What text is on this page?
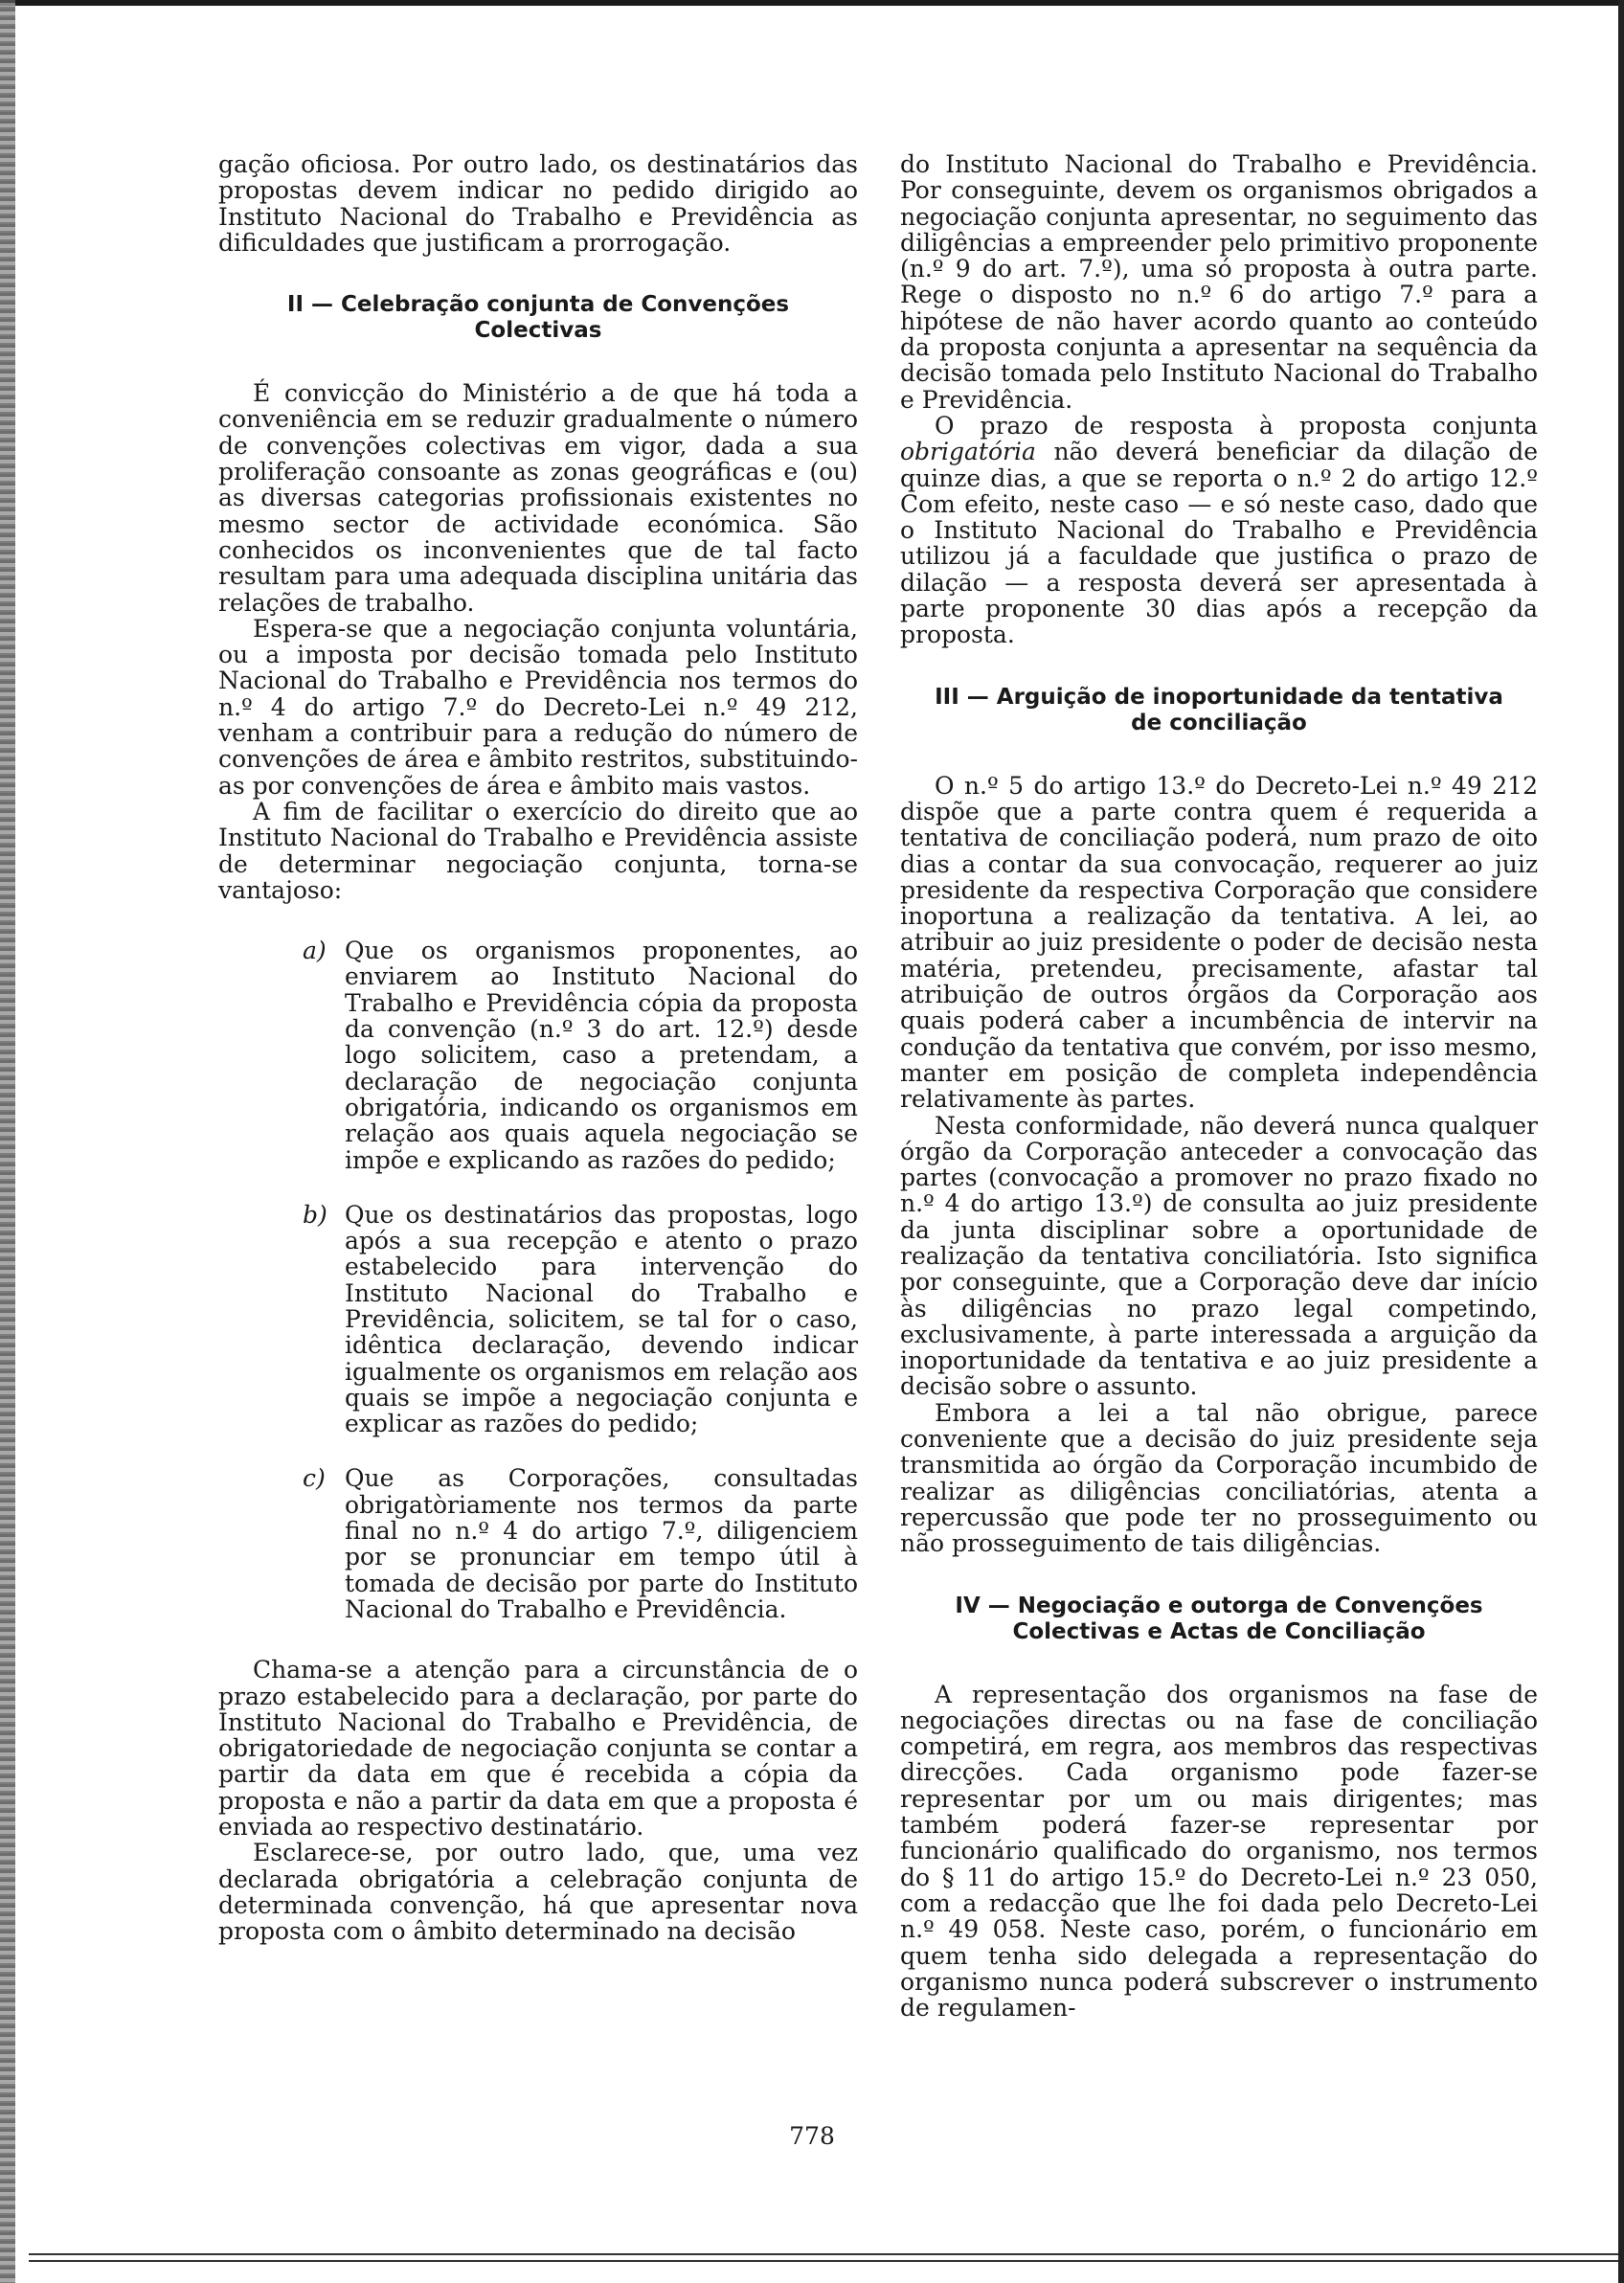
gação oficiosa. Por outro lado, os destinatários das propostas devem indicar no pedido dirigido ao Instituto Nacional do Trabalho e Previdência as dificuldades que justificam a prorrogação.

II — Celebração conjunta de Convenções
Colectivas

É convicção do Ministério a de que há toda a conveniência em se reduzir gradualmente o número de convenções colectivas em vigor, dada a sua proliferação consoante as zonas geográficas e (ou) as diversas categorias profissionais existentes no mesmo sector de actividade económica. São conhecidos os inconvenientes que de tal facto resultam para uma adequada disciplina unitária das relações de trabalho.

Espera-se que a negociação conjunta voluntária, ou a imposta por decisão tomada pelo Instituto Nacional do Trabalho e Previdência nos termos do n.º 4 do artigo 7.º do Decreto-Lei n.º 49 212, venham a contribuir para a redução do número de convenções de área e âmbito restritos, substituindo-as por convenções de área e âmbito mais vastos.

A fim de facilitar o exercício do direito que ao Instituto Nacional do Trabalho e Previdência assiste de determinar negociação conjunta, torna-se vantajoso:

a) Que os organismos proponentes, ao enviarem ao Instituto Nacional do Trabalho e Previdência cópia da proposta da convenção (n.º 3 do art. 12.º) desde logo solicitem, caso a pretendam, a declaração de negociação conjunta obrigatória, indicando os organismos em relação aos quais aquela negociação se impõe e explicando as razões do pedido;
b) Que os destinatários das propostas, logo após a sua recepção e atento o prazo estabelecido para intervenção do Instituto Nacional do Trabalho e Previdência, solicitem, se tal for o caso, idêntica declaração, devendo indicar igualmente os organismos em relação aos quais se impõe a negociação conjunta e explicar as razões do pedido;
c) Que as Corporações, consultadas obrigatòriamente nos termos da parte final no n.º 4 do artigo 7.º, diligenciem por se pronunciar em tempo útil à tomada de decisão por parte do Instituto Nacional do Trabalho e Previdência.

Chama-se a atenção para a circunstância de o prazo estabelecido para a declaração, por parte do Instituto Nacional do Trabalho e Previdência, de obrigatoriedade de negociação conjunta se contar a partir da data em que é recebida a cópia da proposta e não a partir da data em que a proposta é enviada ao respectivo destinatário.

Esclarece-se, por outro lado, que, uma vez declarada obrigatória a celebração conjunta de determinada convenção, há que apresentar nova proposta com o âmbito determinado na decisão

do Instituto Nacional do Trabalho e Previdência. Por conseguinte, devem os organismos obrigados a negociação conjunta apresentar, no seguimento das diligências a empreender pelo primitivo proponente (n.º 9 do art. 7.º), uma só proposta à outra parte. Rege o disposto no n.º 6 do artigo 7.º para a hipótese de não haver acordo quanto ao conteúdo da proposta conjunta a apresentar na sequência da decisão tomada pelo Instituto Nacional do Trabalho e Previdência.

O prazo de resposta à proposta conjunta obrigatória não deverá beneficiar da dilação de quinze dias, a que se reporta o n.º 2 do artigo 12.º Com efeito, neste caso — e só neste caso, dado que o Instituto Nacional do Trabalho e Previdência utilizou já a faculdade que justifica o prazo de dilação — a resposta deverá ser apresentada à parte proponente 30 dias após a recepção da proposta.

III — Arguição de inoportunidade da tentativa
de conciliação

O n.º 5 do artigo 13.º do Decreto-Lei n.º 49 212 dispõe que a parte contra quem é requerida a tentativa de conciliação poderá, num prazo de oito dias a contar da sua convocação, requerer ao juiz presidente da respectiva Corporação que considere inoportuna a realização da tentativa. A lei, ao atribuir ao juiz presidente o poder de decisão nesta matéria, pretendeu, precisamente, afastar tal atribuição de outros órgãos da Corporação aos quais poderá caber a incumbência de intervir na condução da tentativa que convém, por isso mesmo, manter em posição de completa independência relativamente às partes.

Nesta conformidade, não deverá nunca qualquer órgão da Corporação anteceder a convocação das partes (convocação a promover no prazo fixado no n.º 4 do artigo 13.º) de consulta ao juiz presidente da junta disciplinar sobre a oportunidade de realização da tentativa conciliatória. Isto significa por conseguinte, que a Corporação deve dar início às diligências no prazo legal competindo, exclusivamente, à parte interessada a arguição da inoportunidade da tentativa e ao juiz presidente a decisão sobre o assunto.

Embora a lei a tal não obrigue, parece conveniente que a decisão do juiz presidente seja transmitida ao órgão da Corporação incumbido de realizar as diligências conciliatórias, atenta a repercussão que pode ter no prosseguimento ou não prosseguimento de tais diligências.

IV — Negociação e outorga de Convenções
Colectivas e Actas de Conciliação

A representação dos organismos na fase de negociações directas ou na fase de conciliação competirá, em regra, aos membros das respectivas direcções. Cada organismo pode fazer-se representar por um ou mais dirigentes; mas também poderá fazer-se representar por funcionário qualificado do organismo, nos termos do § 11 do artigo 15.º do Decreto-Lei n.º 23 050, com a redacção que lhe foi dada pelo Decreto-Lei n.º 49 058. Neste caso, porém, o funcionário em quem tenha sido delegada a representação do organismo nunca poderá subscrever o instrumento de regulamen-

778
